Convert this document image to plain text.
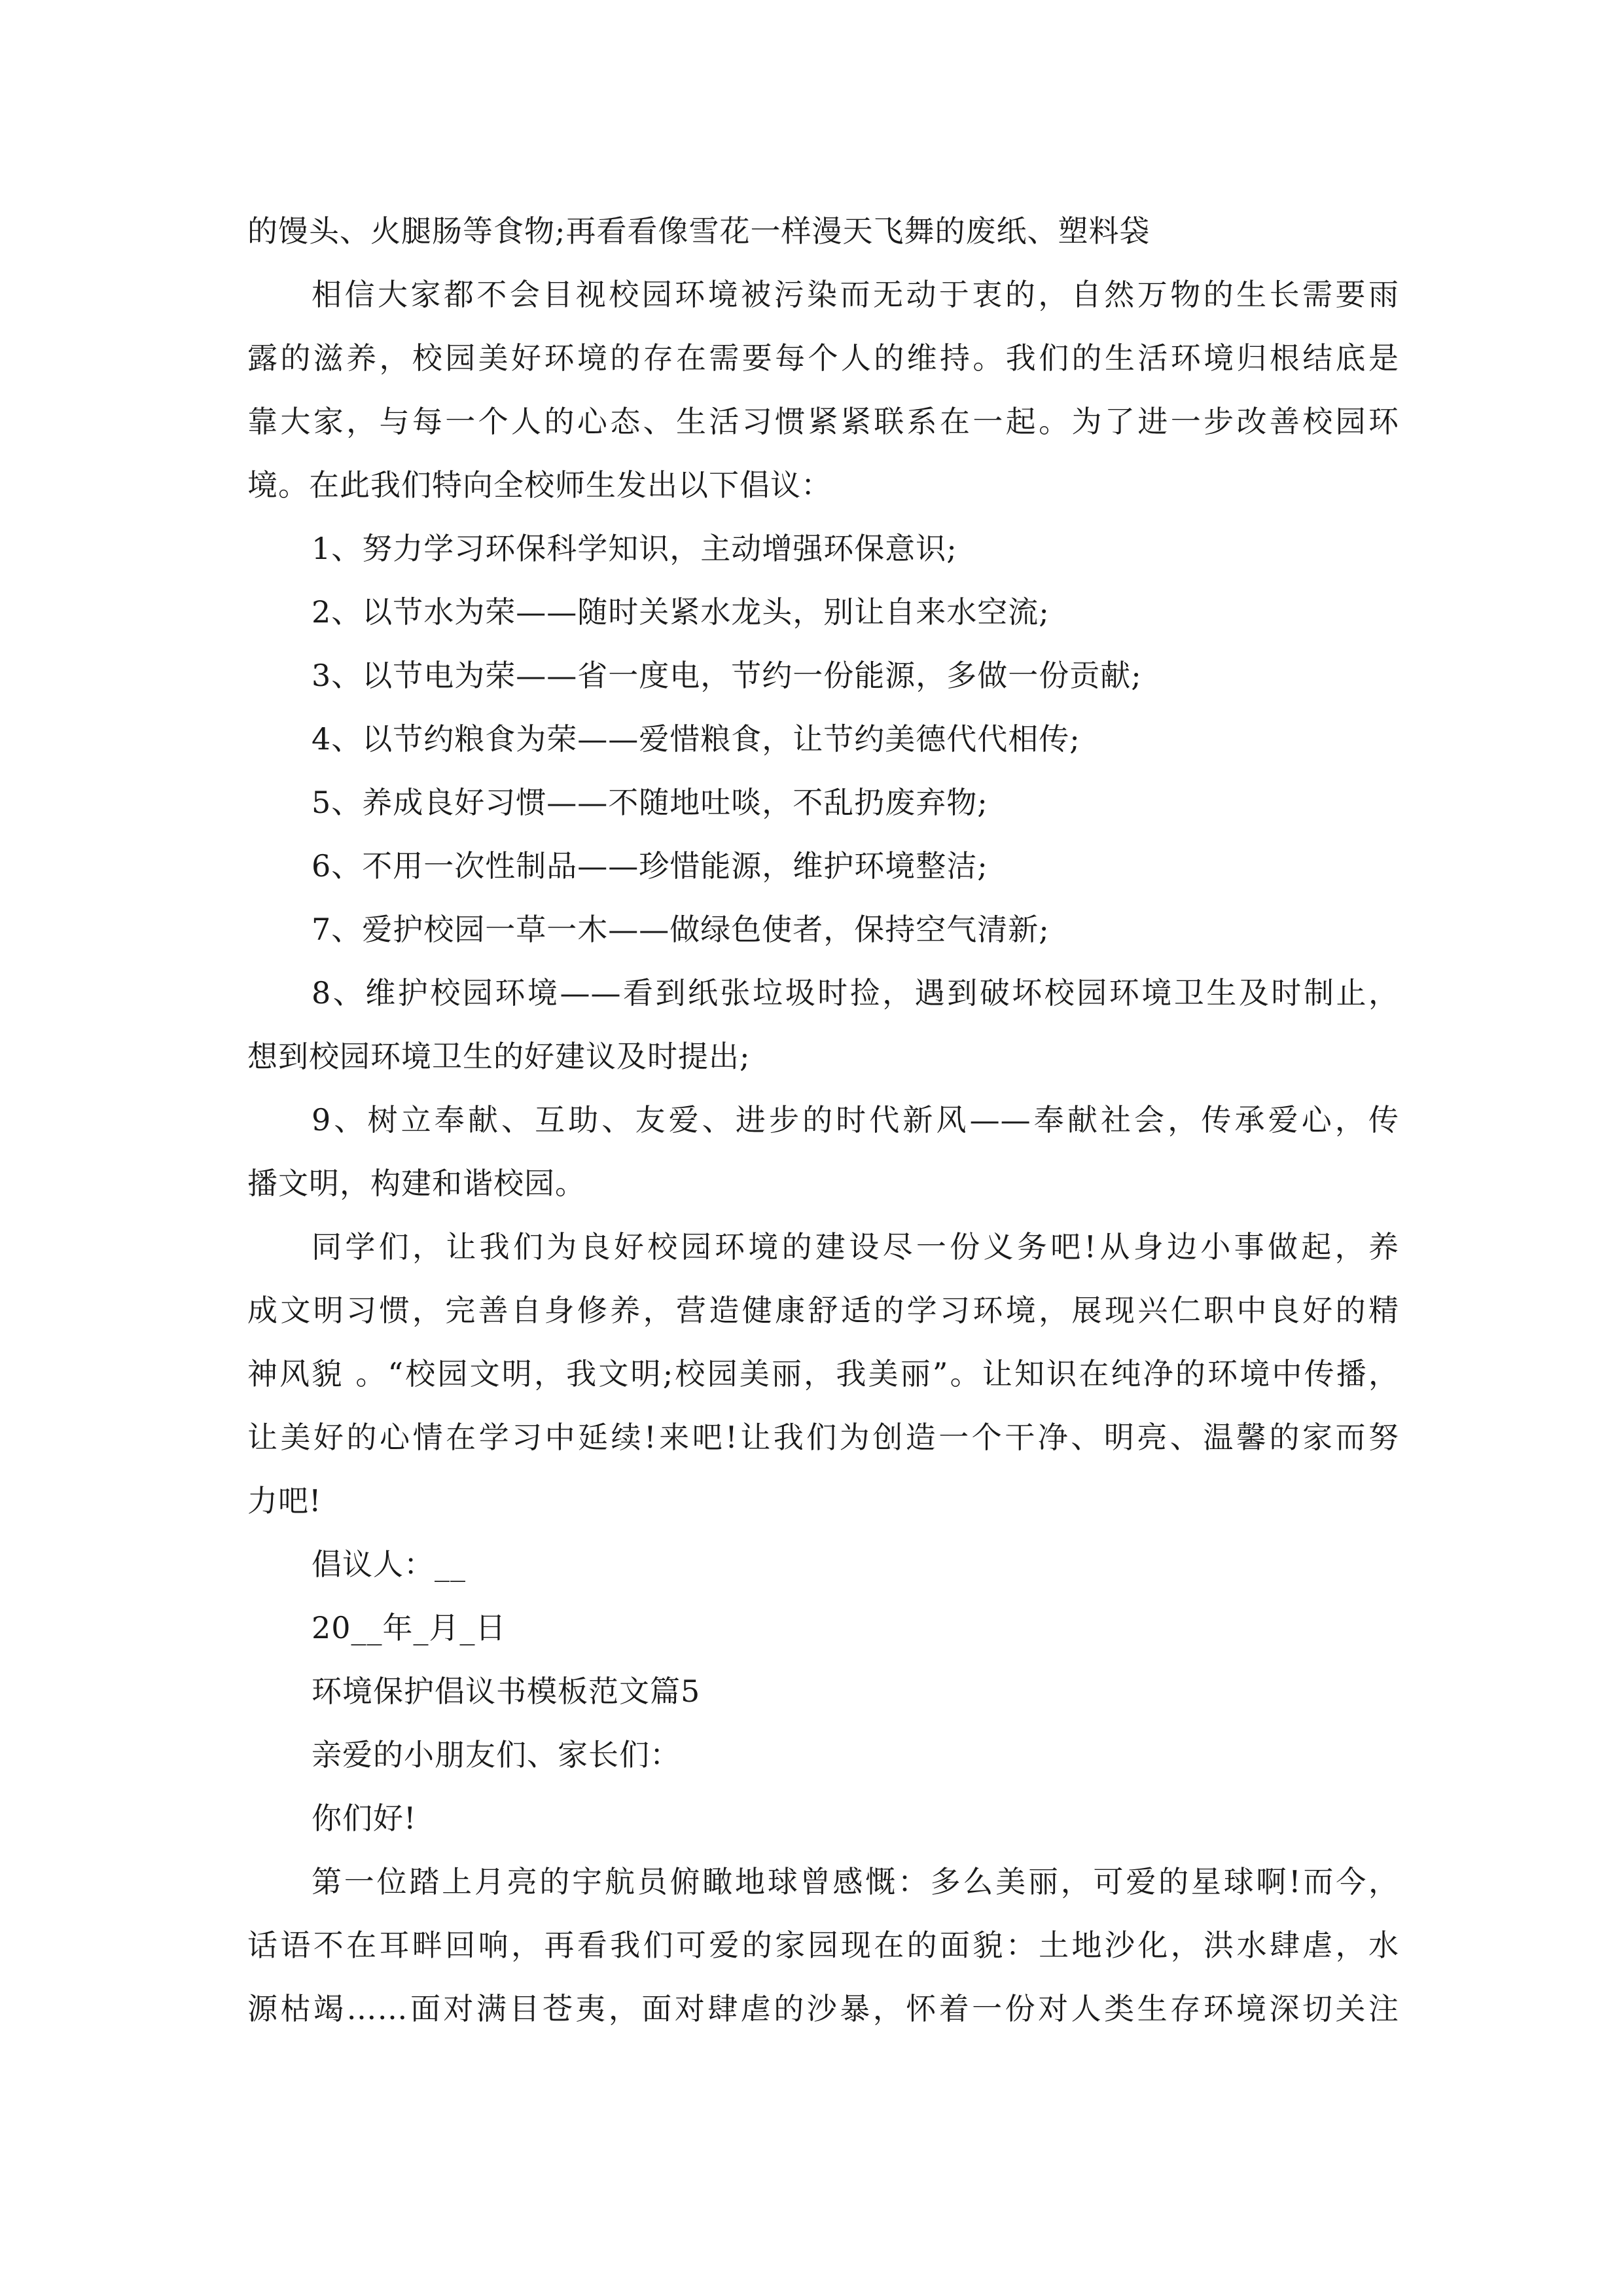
的馒头、火腿肠等食物;再看看像雪花一样漫天飞舞的废纸、塑料袋
相信大家都不会目视校园环境被污染而无动于衷的，自然万物的生长需要雨
露的滋养，校园美好环境的存在需要每个人的维持。我们的生活环境归根结底是
靠大家，与每一个人的心态、生活习惯紧紧联系在一起。为了进一步改善校园环
境。在此我们特向全校师生发出以下倡议：
1、努力学习环保科学知识，主动增强环保意识;
2、以节水为荣——随时关紧水龙头，别让自来水空流;
3、以节电为荣——省一度电，节约一份能源，多做一份贡献;
4、以节约粮食为荣——爱惜粮食，让节约美德代代相传;
5、养成良好习惯——不随地吐啖，不乱扔废弃物;
6、不用一次性制品——珍惜能源，维护环境整洁;
7、爱护校园一草一木——做绿色使者，保持空气清新;
8、维护校园环境——看到纸张垃圾时捡，遇到破坏校园环境卫生及时制止，
想到校园环境卫生的好建议及时提出;
9、树立奉献、互助、友爱、进步的时代新风——奉献社会，传承爱心，传
播文明，构建和谐校园。
同学们，让我们为良好校园环境的建设尽一份义务吧!从身边小事做起，养
成文明习惯，完善自身修养，营造健康舒适的学习环境，展现兴仁职中良好的精
神风貌 。“校园文明，我文明;校园美丽，我美丽”。让知识在纯净的环境中传播，
让美好的心情在学习中延续!来吧!让我们为创造一个干净、明亮、温馨的家而努
力吧!
倡议人：__
20__年_月_日
环境保护倡议书模板范文篇5
亲爱的小朋友们、家长们：
你们好!
第一位踏上月亮的宇航员俯瞰地球曾感慨：多么美丽，可爱的星球啊!而今，
话语不在耳畔回响，再看我们可爱的家园现在的面貌：土地沙化，洪水肆虐，水
源枯竭……面对满目苍夷，面对肆虐的沙暴，怀着一份对人类生存环境深切关注
